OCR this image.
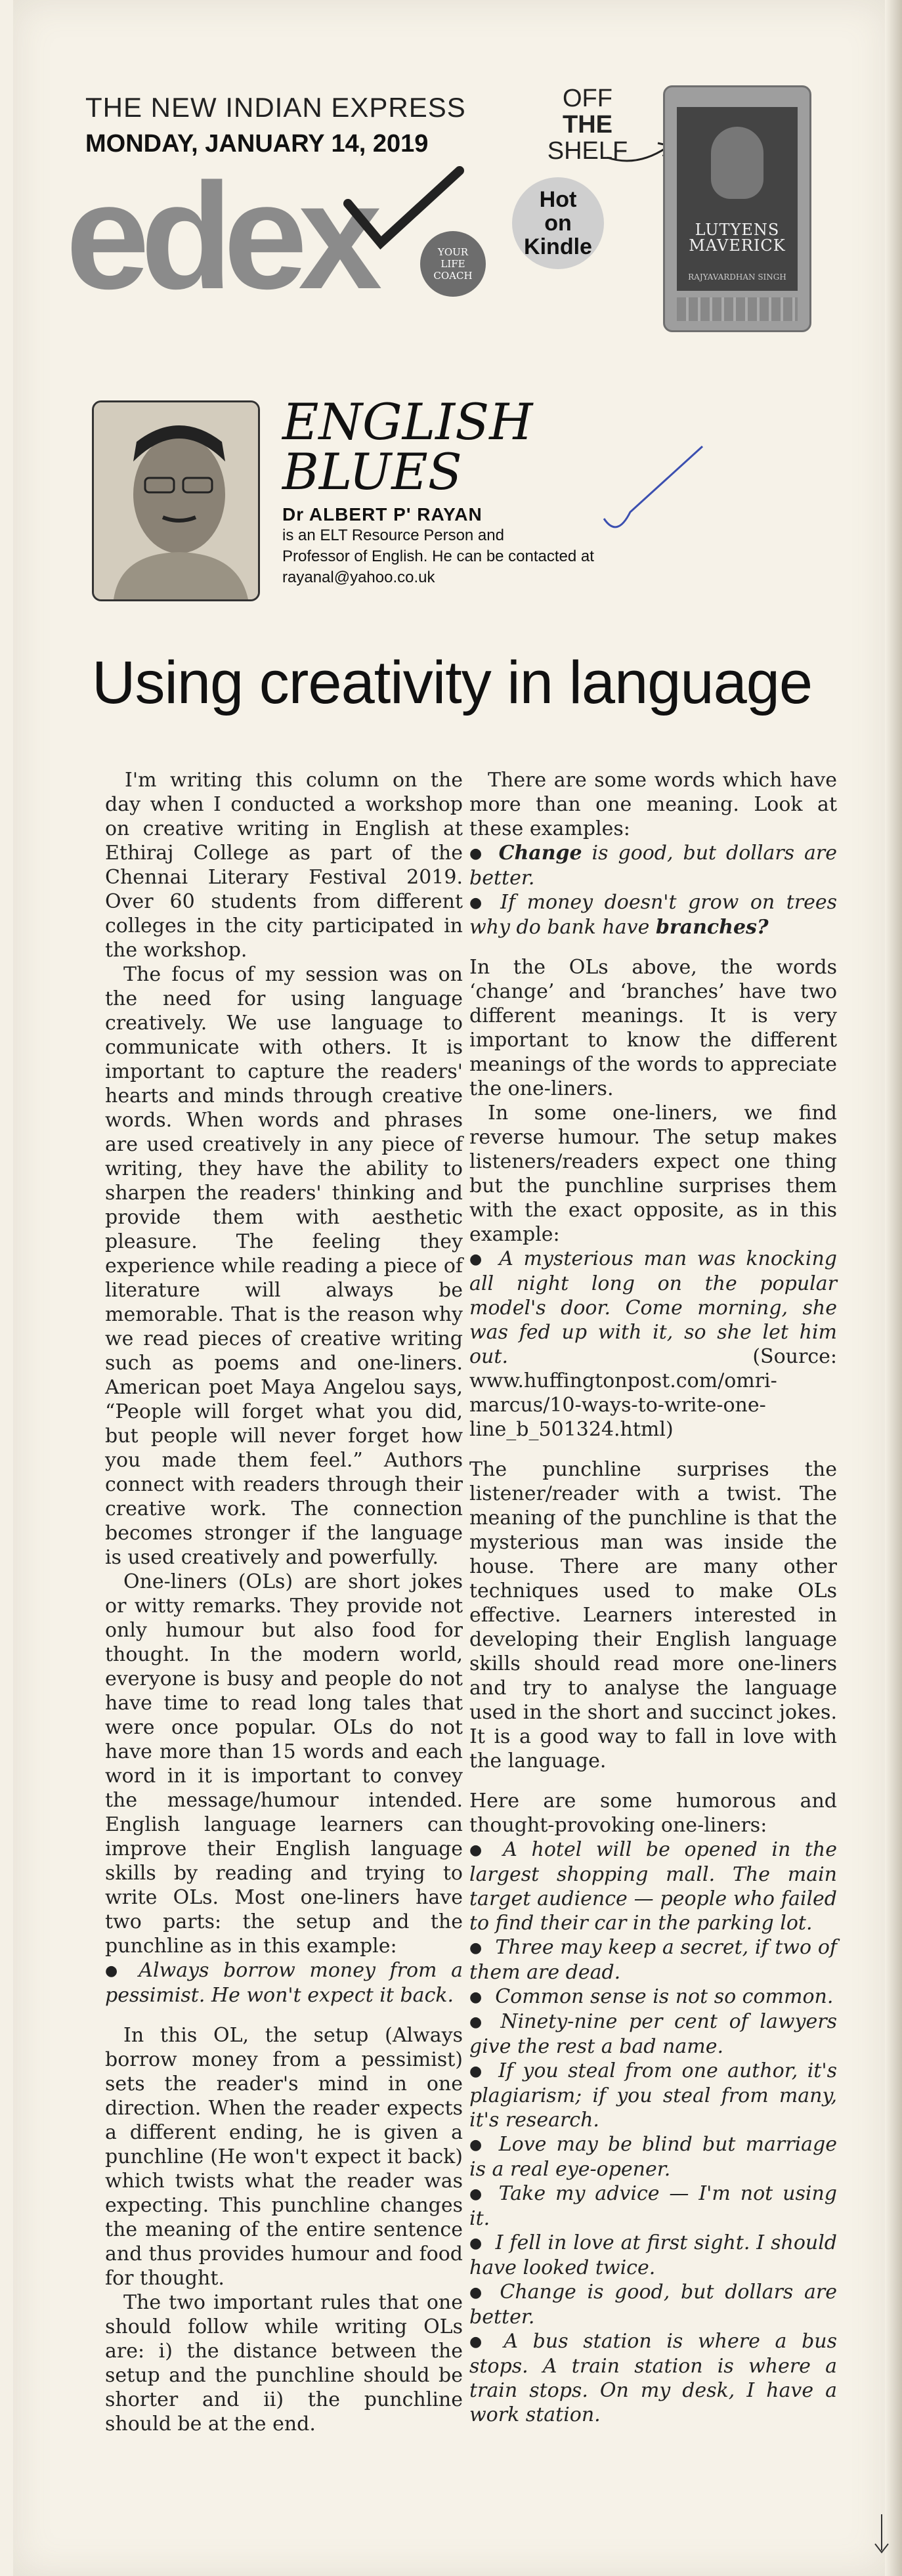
THE NEW INDIAN EXPRESS
MONDAY, JANUARY 14, 2019
edex	YOUR
LIFE
COACH
OFF
THE
SHELF
Hot
on
Kindle
LUTYENS
MAVERICK
RAJYAVARDHAN SINGH
ENGLISH
BLUES
Dr ALBERT P' RAYAN
is an ELT Resource Person and
Professor of English. He can be contacted at
rayanal@yahoo.co.uk
Using creativity in language

I'm writing this column on the day when I conducted a workshop on creative writing in English at Ethiraj College as part of the Chennai Literary Festival 2019. Over 60 students from different colleges in the city participated in the workshop.

The focus of my session was on the need for using language creatively. We use language to communicate with others. It is important to capture the readers' hearts and minds through creative words. When words and phrases are used creatively in any piece of writing, they have the ability to sharpen the readers' thinking and provide them with aesthetic pleasure. The feeling they experience while reading a piece of literature will always be memorable. That is the reason why we read pieces of creative writing such as poems and one-liners. American poet Maya Angelou says, “People will forget what you did, but people will never forget how you made them feel.” Authors connect with readers through their creative work. The connection becomes stronger if the language is used creatively and powerfully.

One-liners (OLs) are short jokes or witty remarks. They provide not only humour but also food for thought. In the modern world, everyone is busy and people do not have time to read long tales that were once popular. OLs do not have more than 15 words and each word in it is important to convey the message/humour intended. English language learners can improve their English language skills by reading and trying to write OLs. Most one-liners have two parts: the setup and the punchline as in this example:

● Always borrow money from a pessimist. He won't expect it back.

In this OL, the setup (Always borrow money from a pessimist) sets the reader's mind in one direction. When the reader expects a different ending, he is given a punchline (He won't expect it back) which twists what the reader was expecting. This punchline changes the meaning of the entire sentence and thus provides humour and food for thought.

The two important rules that one should follow while writing OLs are: i) the distance between the setup and the punchline should be shorter and ii) the punchline should be at the end.

There are some words which have more than one meaning. Look at these examples:

● Change is good, but dollars are better.

● If money doesn't grow on trees why do bank have branches?

In the OLs above, the words ‘change’ and ‘branches’ have two different meanings. It is very important to know the different meanings of the words to appreciate the one-liners.

In some one-liners, we find reverse humour. The setup makes listeners/readers expect one thing but the punchline surprises them with the exact opposite, as in this example:

● A mysterious man was knocking all night long on the popular model's door. Come morning, she was fed up with it, so she let him out. (Source: www.huffingtonpost.com/omri-marcus/10-ways-to-write-one-line_b_501324.html)

The punchline surprises the listener/reader with a twist. The meaning of the punchline is that the mysterious man was inside the house. There are many other techniques used to make OLs effective. Learners interested in developing their English language skills should read more one-liners and try to analyse the language used in the short and succinct jokes. It is a good way to fall in love with the language.

Here are some humorous and thought-provoking one-liners:

● A hotel will be opened in the largest shopping mall. The main target audience — people who failed to find their car in the parking lot.

● Three may keep a secret, if two of them are dead.

● Common sense is not so common.

● Ninety-nine per cent of lawyers give the rest a bad name.

● If you steal from one author, it's plagiarism; if you steal from many, it's research.

● Love may be blind but marriage is a real eye-opener.

● Take my advice — I'm not using it.

● I fell in love at first sight. I should have looked twice.

● Change is good, but dollars are better.

● A bus station is where a bus stops. A train station is where a train stops. On my desk, I have a work station.
